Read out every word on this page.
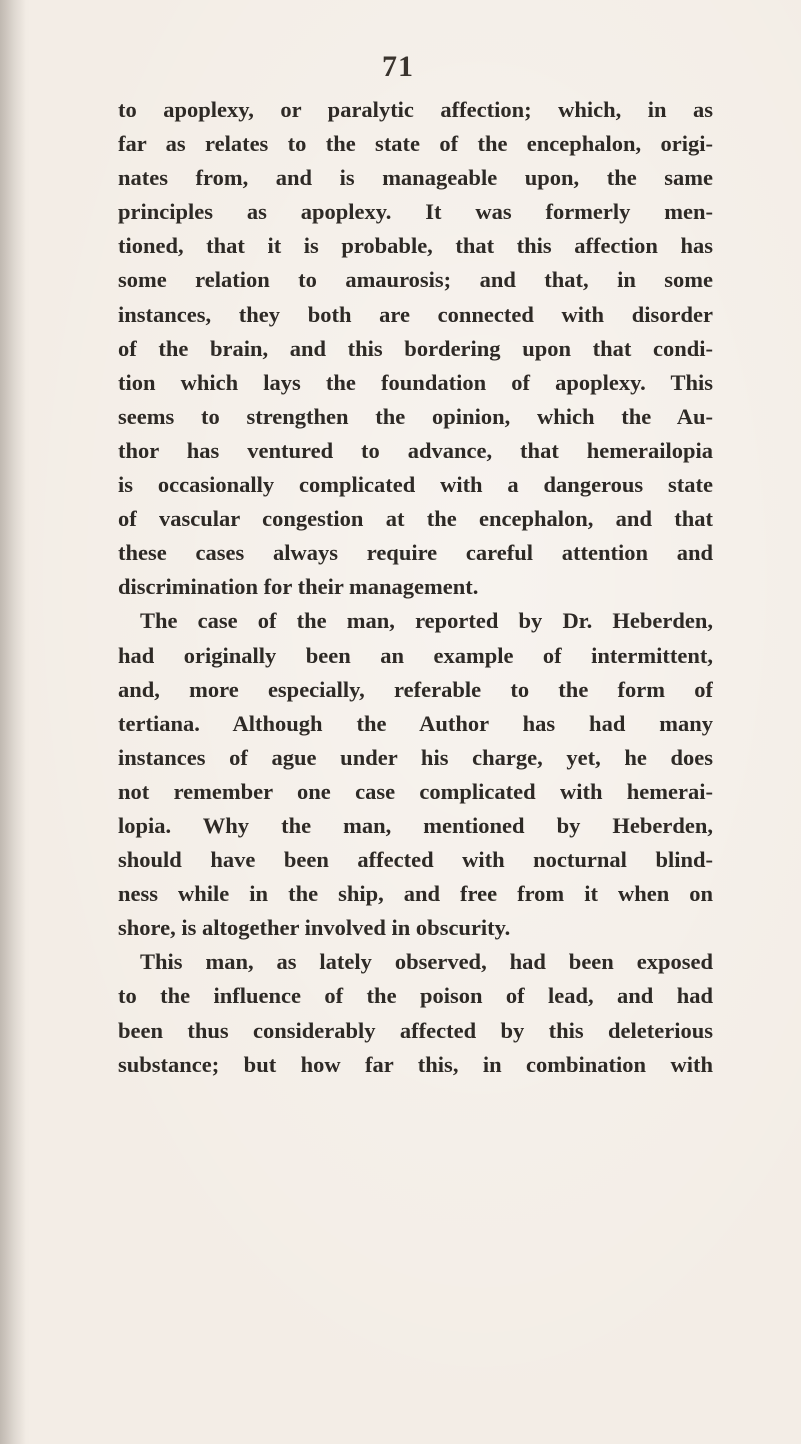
71
to apoplexy, or paralytic affection; which, in as
far as relates to the state of the encephalon, origi-
nates from, and is manageable upon, the same
principles as apoplexy. It was formerly men-
tioned, that it is probable, that this affection has
some relation to amaurosis; and that, in some
instances, they both are connected with disorder
of the brain, and this bordering upon that condi-
tion which lays the foundation of apoplexy. This
seems to strengthen the opinion, which the Au-
thor has ventured to advance, that hemerailopia
is occasionally complicated with a dangerous state
of vascular congestion at the encephalon, and that
these cases always require careful attention and
discrimination for their management.
The case of the man, reported by Dr. Heberden,
had originally been an example of intermittent,
and, more especially, referable to the form of
tertiana. Although the Author has had many
instances of ague under his charge, yet, he does
not remember one case complicated with hemerai-
lopia. Why the man, mentioned by Heberden,
should have been affected with nocturnal blind-
ness while in the ship, and free from it when on
shore, is altogether involved in obscurity.
This man, as lately observed, had been exposed
to the influence of the poison of lead, and had
been thus considerably affected by this deleterious
substance; but how far this, in combination with
